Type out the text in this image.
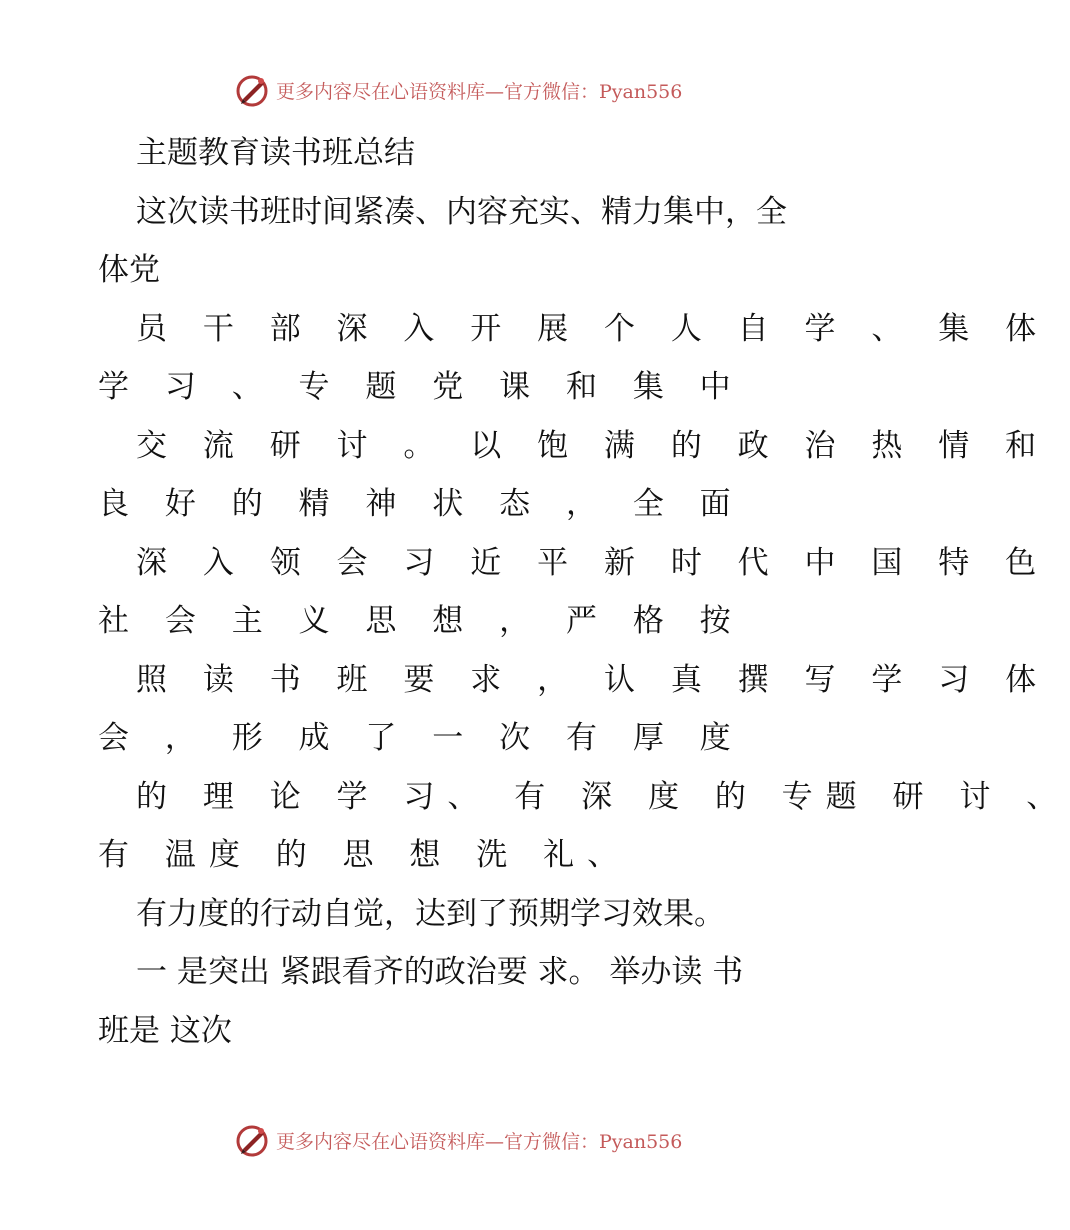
更多内容尽在心语资料库—官方微信：Pyan556
主题教育读书班总结
这次读书班时间紧凑、内容充实、精力集中，全
体党
员 干 部 深 入 开 展 个 人 自 学 、 集 体
学 习 、 专 题 党 课 和 集 中
交 流 研 讨 。 以 饱 满 的 政 治 热 情 和
良 好 的 精 神 状 态 ， 全 面
深 入 领 会 习 近 平 新 时 代 中 国 特 色
社 会 主 义 思 想 ， 严 格 按
照 读 书 班 要 求 ， 认 真 撰 写 学 习 体
会 ， 形 成 了 一 次 有 厚 度
的 理 论 学 习、 有 深 度 的 专题 研 讨 、
有 温度 的 思 想 洗 礼、
有力度的行动自觉，达到了预期学习效果。
一 是突出 紧跟看齐的政治要 求。 举办读 书
班是 这次
更多内容尽在心语资料库—官方微信：Pyan556
